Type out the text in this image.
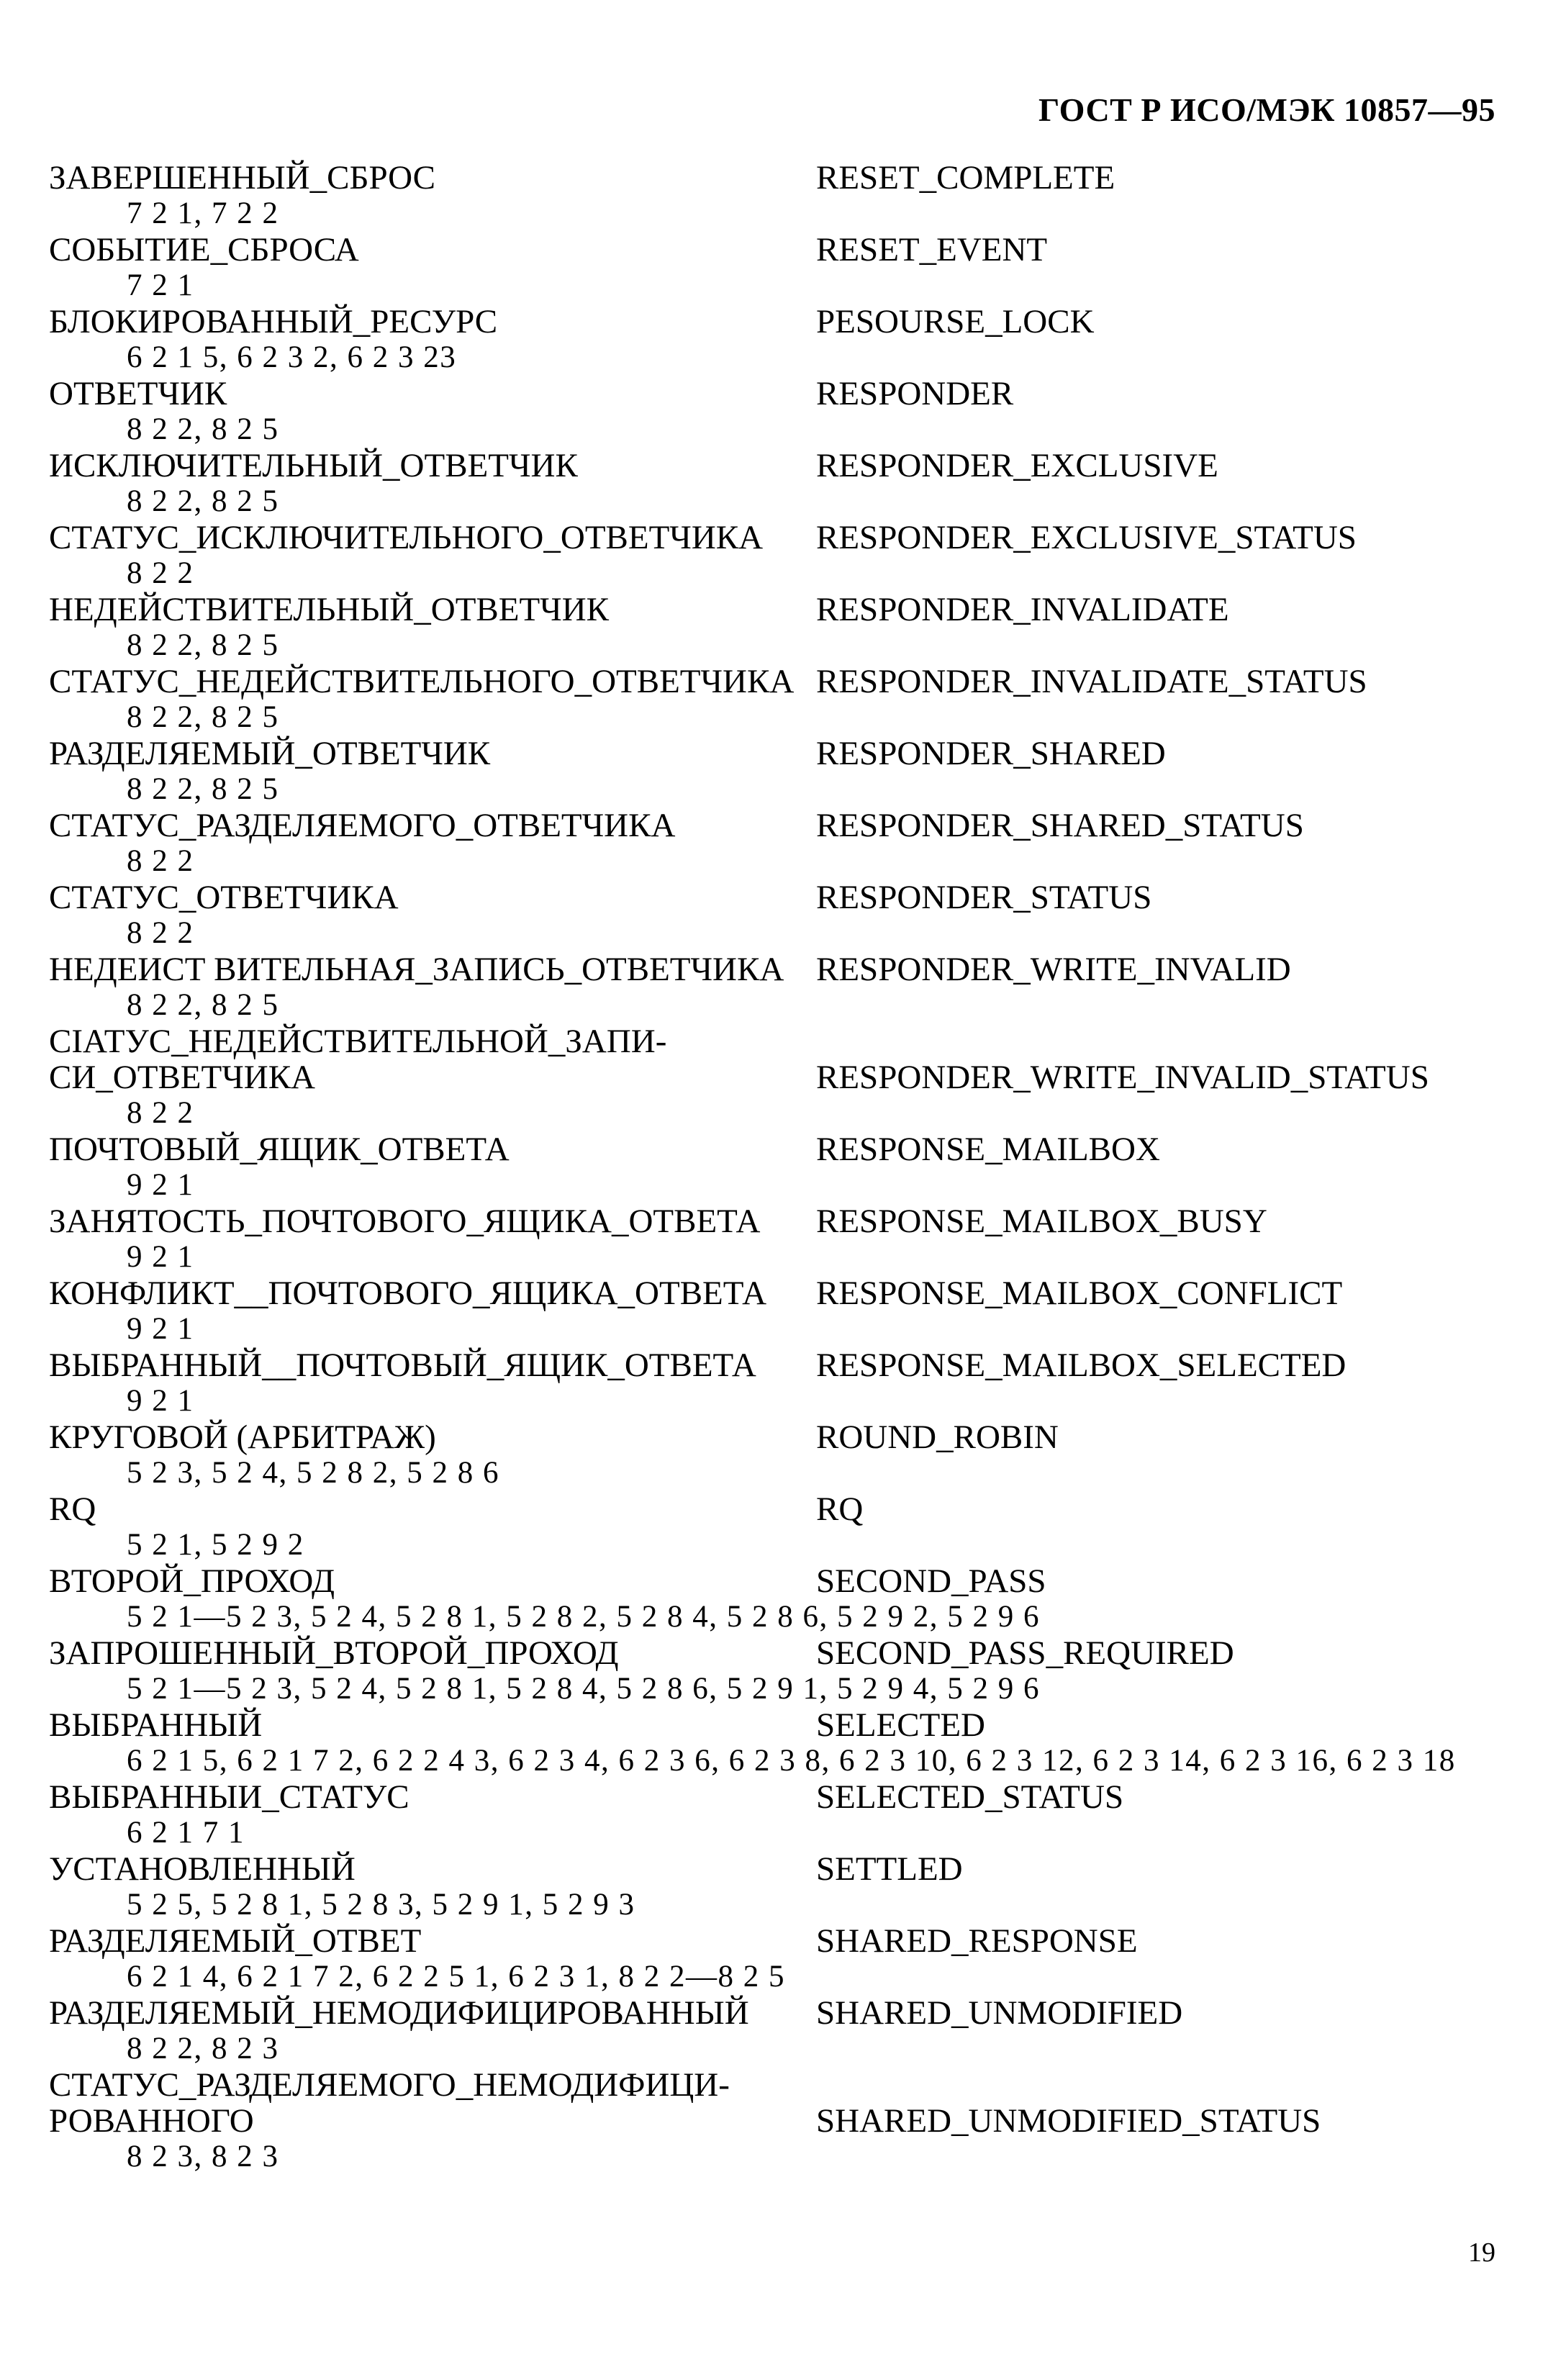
ГОСТ Р ИСО/МЭК 10857—95
ЗАВЕРШЕННЫЙ_СБРОС	RESET_COMPLETE
7 2 1, 7 2 2
СОБЫТИЕ_СБРОСА	RESET_EVENT
7 2 1
БЛОКИРОВАННЫЙ_РЕСУРС	PESOURSE_LOCK
6 2 1 5, 6 2 3 2, 6 2 3 23
ОТВЕТЧИК	RESPONDER
8 2 2, 8 2 5
ИСКЛЮЧИТЕЛЬНЫЙ_ОТВЕТЧИК	RESPONDER_EXCLUSIVE
8 2 2, 8 2 5
СТАТУС_ИСКЛЮЧИТЕЛЬНОГО_ОТВЕТЧИКА RESPONDER_EXCLUSIVE_STATUS
8 2 2
НЕДЕЙСТВИТЕЛЬНЫЙ_ОТВЕТЧИК	RESPONDER_INVALIDATE
8 2 2, 8 2 5
СТАТУС_НЕДЕЙСТВИТЕЛЬНОГО_ОТВЕТЧИКА RESPONDER_INVALIDATE_STATUS
8 2 2, 8 2 5
РАЗДЕЛЯЕМЫЙ_ОТВЕТЧИК	RESPONDER_SHARED
8 2 2, 8 2 5
СТАТУС_РАЗДЕЛЯЕМОГО_ОТВЕТЧИКА	RESPONDER_SHARED_STATUS
8 2 2
СТАТУС_ОТВЕТЧИКА	RESPONDER_STATUS
8 2 2
НЕДЕИСТ ВИТЕЛЬНАЯ_ЗАПИСЬ_ОТВЕТЧИКА RESPONDER_WRITE_INVALID
8 2 2, 8 2 5
СIАТУС_НЕДЕЙСТВИТЕЛЬНОЙ_ЗАПИ-
СИ_ОТВЕТЧИКА	RESPONDER_WRITE_INVALID_STATUS
8 2 2
ПОЧТОВЫЙ_ЯЩИК_ОТВЕТА	RESPONSE_MAILBOX
9 2 1
ЗАНЯТОСТЬ_ПОЧТОВОГО_ЯЩИКА_ОТВЕТА RESPONSE_MAILBOX_BUSY
9 2 1
КОНФЛИКТ__ПОЧТОВОГО_ЯЩИКА_ОТВЕТА RESPONSE_MAILBOX_CONFLICT
9 2 1
ВЫБРАННЫЙ__ПОЧТОВЫЙ_ЯЩИК_ОТВЕТА RESPONSE_MAILBOX_SELECTED
9 2 1
КРУГОВОЙ (АРБИТРАЖ)	ROUND_ROBIN
5 2 3, 5 2 4, 5 2 8 2, 5 2 8 6
RQ	RQ
5 2 1, 5 2 9 2
ВТОРОЙ_ПРОХОД	SECOND_PASS
5 2 1—5 2 3, 5 2 4, 5 2 8 1, 5 2 8 2, 5 2 8 4, 5 2 8 6, 5 2 9 2, 5 2 9 6
ЗАПРОШЕННЫЙ_ВТОРОЙ_ПРОХОД	SECOND_PASS_REQUIRED
5 2 1—5 2 3, 5 2 4, 5 2 8 1, 5 2 8 4, 5 2 8 6, 5 2 9 1, 5 2 9 4, 5 2 9 6
ВЫБРАННЫЙ	SELECTED
6 2 1 5, 6 2 1 7 2, 6 2 2 4 3, 6 2 3 4, 6 2 3 6, 6 2 3 8, 6 2 3 10, 6 2 3 12, 6 2 3 14, 6 2 3 16, 6 2 3 18
ВЫБРАННЫИ_СТАТУС	SELECTED_STATUS
6 2 1 7 1
УСТАНОВЛЕННЫЙ	SETTLED
5 2 5, 5 2 8 1, 5 2 8 3, 5 2 9 1, 5 2 9 3
РАЗДЕЛЯЕМЫЙ_ОТВЕТ	SHARED_RESPONSE
6 2 1 4, 6 2 1 7 2, 6 2 2 5 1, 6 2 3 1, 8 2 2—8 2 5
РАЗДЕЛЯЕМЫЙ_НЕМОДИФИЦИРОВАННЫЙ SHARED_UNMODIFIED
8 2 2, 8 2 3
СТАТУС_РАЗДЕЛЯЕМОГО_НЕМОДИФИЦИ-
РОВАННОГО	SHARED_UNMODIFIED_STATUS
8 2 3, 8 2 3
19
